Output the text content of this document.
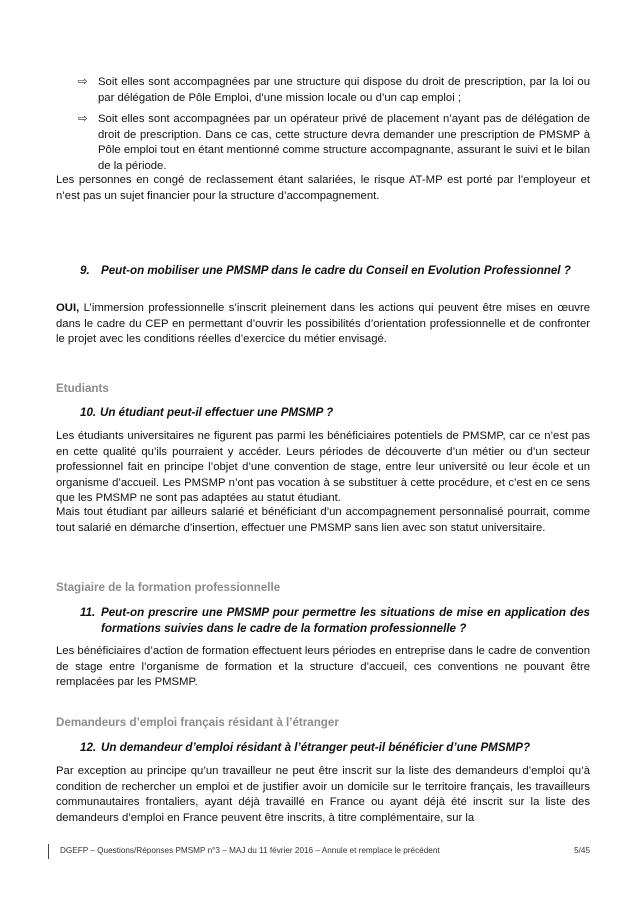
⇨ Soit elles sont accompagnées par une structure qui dispose du droit de prescription, par la loi ou par délégation de Pôle Emploi, d’une mission locale ou d’un cap emploi ;

⇨ Soit elles sont accompagnées par un opérateur privé de placement n’ayant pas de délégation de droit de prescription. Dans ce cas, cette structure devra demander une prescription de PMSMP à Pôle emploi tout en étant mentionné comme structure accompagnante, assurant le suivi et le bilan de la période.

Les personnes en congé de reclassement étant salariées, le risque AT-MP est porté par l’employeur et n’est pas un sujet financier pour la structure d’accompagnement.

9. Peut-on mobiliser une PMSMP dans le cadre du Conseil en Evolution Professionnel ?

OUI, L’immersion professionnelle s’inscrit pleinement dans les actions qui peuvent être mises en œuvre dans le cadre du CEP en permettant d’ouvrir les possibilités d’orientation professionnelle et de confronter le projet avec les conditions réelles d’exercice du métier envisagé.

Etudiants

10. Un étudiant peut-il effectuer une PMSMP ?

Les étudiants universitaires ne figurent pas parmi les bénéficiaires potentiels de PMSMP, car ce n’est pas en cette qualité qu’ils pourraient y accéder. Leurs périodes de découverte d’un métier ou d’un secteur professionnel fait en principe l’objet d’une convention de stage, entre leur université ou leur école et un organisme d’accueil. Les PMSMP n’ont pas vocation à se substituer à cette procédure, et c’est en ce sens que les PMSMP ne sont pas adaptées au statut étudiant.

Mais tout étudiant par ailleurs salarié et bénéficiant d’un accompagnement personnalisé pourrait, comme tout salarié en démarche d’insertion, effectuer une PMSMP sans lien avec son statut universitaire.

Stagiaire de la formation professionnelle

11. Peut-on prescrire une PMSMP pour permettre les situations de mise en application des formations suivies dans le cadre de la formation professionnelle ?

Les bénéficiaires d’action de formation effectuent leurs périodes en entreprise dans le cadre de convention de stage entre l’organisme de formation et la structure d’accueil, ces conventions ne pouvant être remplacées par les PMSMP.

Demandeurs d’emploi français résidant à l’étranger

12. Un demandeur d’emploi résidant à l’étranger peut-il bénéficier d’une PMSMP?

Par exception au principe qu’un travailleur ne peut être inscrit sur la liste des demandeurs d’emploi qu’à condition de rechercher un emploi et de justifier avoir un domicile sur le territoire français, les travailleurs communautaires frontaliers, ayant déjà travaillé en France ou ayant déjà été inscrit sur la liste des demandeurs d’emploi en France peuvent être inscrits, à titre complémentaire, sur la

DGEFP – Questions/Réponses PMSMP n°3 – MAJ du 11 février 2016 – Annule et remplace le précédent	5/45
